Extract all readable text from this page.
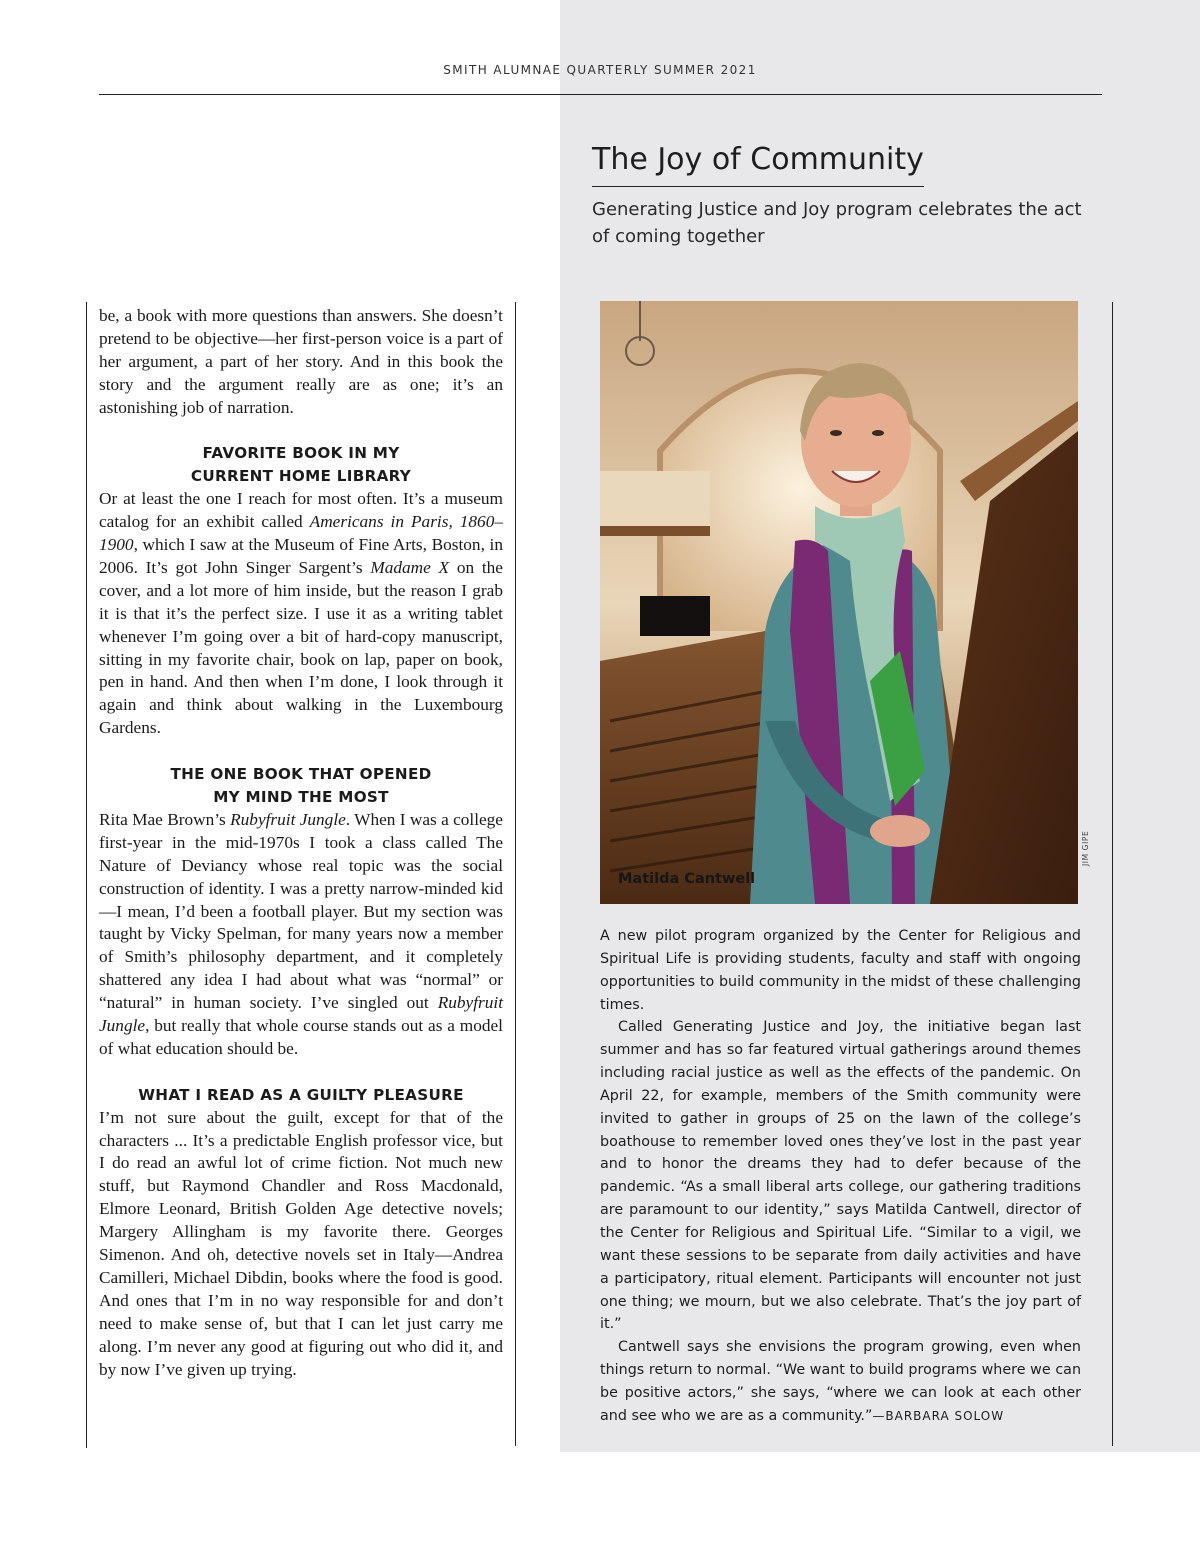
SMITH ALUMNAE QUARTERLY SUMMER 2021
The Joy of Community

Generating Justice and Joy program celebrates the act of coming together

be, a book with more questions than answers. She doesn’t pretend to be objective—her first-person voice is a part of her argument, a part of her story. And in this book the story and the argument really are as one; it’s an astonishing job of narration.

FAVORITE BOOK IN MY
CURRENT HOME LIBRARY

Or at least the one I reach for most often. It’s a museum catalog for an exhibit called Americans in Paris, 1860–1900, which I saw at the Museum of Fine Arts, Boston, in 2006. It’s got John Singer Sargent’s Madame X on the cover, and a lot more of him inside, but the reason I grab it is that it’s the perfect size. I use it as a writing tablet whenever I’m going over a bit of hard-copy manuscript, sitting in my favorite chair, book on lap, paper on book, pen in hand. And then when I’m done, I look through it again and think about walking in the Luxembourg Gardens.

THE ONE BOOK THAT OPENED
MY MIND THE MOST

Rita Mae Brown’s Rubyfruit Jungle. When I was a college first-year in the mid-1970s I took a class called The Nature of Deviancy whose real topic was the social construction of identity. I was a pretty narrow-minded kid—I mean, I’d been a football player. But my section was taught by Vicky Spelman, for many years now a member of Smith’s philosophy department, and it completely shattered any idea I had about what was “normal” or “natural” in human society. I’ve singled out Rubyfruit Jungle, but really that whole course stands out as a model of what education should be.

WHAT I READ AS A GUILTY PLEASURE

I’m not sure about the guilt, except for that of the characters ... It’s a predictable English professor vice, but I do read an awful lot of crime fiction. Not much new stuff, but Raymond Chandler and Ross Macdonald, Elmore Leonard, British Golden Age detective novels; Margery Allingham is my favorite there. Georges Simenon. And oh, detective novels set in Italy—Andrea Camilleri, Michael Dibdin, books where the food is good. And ones that I’m in no way responsible for and don’t need to make sense of, but that I can let just carry me along. I’m never any good at figuring out who did it, and by now I’ve given up trying.

Matilda Cantwell
JIM GIPE

A new pilot program organized by the Center for Religious and Spiritual Life is providing students, faculty and staff with ongoing opportunities to build community in the midst of these challenging times.

Called Generating Justice and Joy, the initiative began last summer and has so far featured virtual gatherings around themes including racial justice as well as the effects of the pandemic. On April 22, for example, members of the Smith community were invited to gather in groups of 25 on the lawn of the college’s boathouse to remember loved ones they’ve lost in the past year and to honor the dreams they had to defer because of the pandemic. “As a small liberal arts college, our gathering traditions are paramount to our identity,” says Matilda Cantwell, director of the Center for Religious and Spiritual Life. “Similar to a vigil, we want these sessions to be separate from daily activities and have a participatory, ritual element. Participants will encounter not just one thing; we mourn, but we also celebrate. That’s the joy part of it.”

Cantwell says she envisions the program growing, even when things return to normal. “We want to build programs where we can be positive actors,” she says, “where we can look at each other and see who we are as a community.”—BARBARA SOLOW
